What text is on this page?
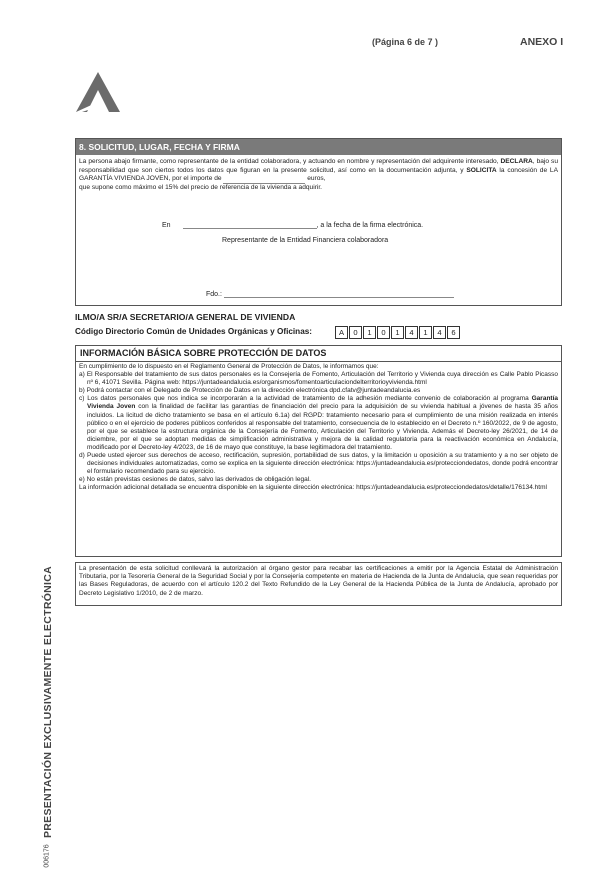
(Página 6 de 7 )	ANEXO I
8. SOLICITUD, LUGAR, FECHA Y FIRMA
La persona abajo firmante, como representante de la entidad colaboradora, y actuando en nombre y representación del adquirente interesado, DECLARA, bajo su responsabilidad que son ciertos todos los datos que figuran en la presente solicitud, así como en la documentación adjunta, y SOLICITA la concesión de LA GARANTÍA VIVIENDA JOVEN, por el importe de	euros,
que supone como máximo el 15% del precio de referencia de la vivienda a adquirir.
En	, a la fecha de la firma electrónica.
Representante de la Entidad Financiera colaboradora
Fdo.:
ILMO/A SR/A SECRETARIO/A GENERAL DE VIVIENDA
Código Directorio Común de Unidades Orgánicas y Oficinas:	A	0	1	0	1	4	1	4	6
INFORMACIÓN BÁSICA SOBRE PROTECCIÓN DE DATOS

En cumplimiento de lo dispuesto en el Reglamento General de Protección de Datos, le informamos que:

a) El Responsable del tratamiento de sus datos personales es la Consejería de Fomento, Articulación del Territorio y Vivienda cuya dirección es Calle Pablo Picasso nº 6, 41071 Sevilla. Página web: https://juntadeandalucia.es/organismos/fomentoarticulaciondelterritorioyvivienda.html

b) Podrá contactar con el Delegado de Protección de Datos en la dirección electrónica dpd.cfatv@juntadeandalucia.es

c) Los datos personales que nos indica se incorporarán a la actividad de tratamiento de la adhesión mediante convenio de colaboración al programa Garantía Vivienda Joven con la finalidad de facilitar las garantías de financiación del precio para la adquisición de su vivienda habitual a jóvenes de hasta 35 años incluidos. La licitud de dicho tratamiento se basa en el artículo 6.1a) del RGPD: tratamiento necesario para el cumplimiento de una misión realizada en interés público o en el ejercicio de poderes públicos conferidos al responsable del tratamiento, consecuencia de lo establecido en el Decreto n.º 160/2022, de 9 de agosto, por el que se establece la estructura orgánica de la Consejería de Fomento, Articulación del Territorio y Vivienda. Además el Decreto-ley 26/2021, de 14 de diciembre, por el que se adoptan medidas de simplificación administrativa y mejora de la calidad regulatoria para la reactivación económica en Andalucía, modificado por el Decreto-ley 4/2023, de 16 de mayo que constituye, la base legitimadora del tratamiento.

d) Puede usted ejercer sus derechos de acceso, rectificación, supresión, portabilidad de sus datos, y la limitación u oposición a su tratamiento y a no ser objeto de decisiones individuales automatizadas, como se explica en la siguiente dirección electrónica: https://juntadeandalucia.es/protecciondedatos, donde podrá encontrar el formulario recomendado para su ejercicio.

e) No están previstas cesiones de datos, salvo las derivados de obligación legal.

La información adicional detallada se encuentra disponible en la siguiente dirección electrónica: https://juntadeandalucia.es/protecciondedatos/detalle/176134.html

La presentación de esta solicitud conllevará la autorización al órgano gestor para recabar las certificaciones a emitir por la Agencia Estatal de Administración Tributaria, por la Tesorería General de la Seguridad Social y por la Consejería competente en materia de Hacienda de la Junta de Andalucía, que sean requeridas por las Bases Reguladoras, de acuerdo con el artículo 120.2 del Texto Refundido de la Ley General de la Hacienda Pública de la Junta de Andalucía, aprobado por Decreto Legislativo 1/2010, de 2 de marzo.
PRESENTACIÓN EXCLUSIVAMENTE ELECTRÓNICA
006176
